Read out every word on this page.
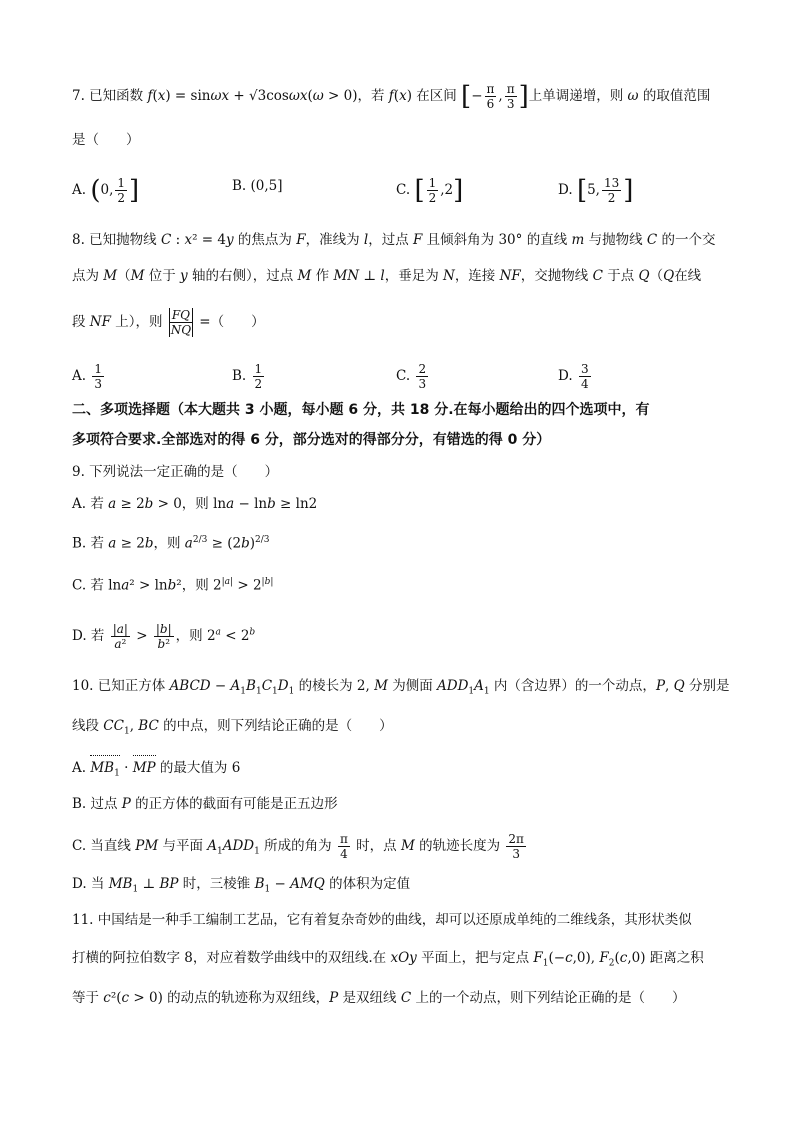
7. 已知函数 f(x) = sinωx + √3cosωx(ω > 0)，若 f(x) 在区间 [− $\frac{\pi}{6}$ , $\frac{\pi}{3}$ ]上单调递增，则 ω 的取值范围
是（　　）
A. (0, $\frac{1}{2}$ ]	B. (0,5]	C. [ $\frac{1}{2} ,2$]	D. [5, $\frac{13}{2}$ ]
8. 已知抛物线 C : x² = 4y 的焦点为 F，准线为 l，过点 F 且倾斜角为 30° 的直线 m 与抛物线 C 的一个交
点为 M（M 位于 y 轴的右侧），过点 M 作 MN ⊥ l，垂足为 N，连接 NF，交抛物线 C 于点 Q（Q在线
段 NF 上），则 $\frac{FQ}{NQ}$ =（　　）
A. $\frac{1}{3}$	B. $\frac{1}{2}$	C. $\frac{2}{3}$	D. $\frac{3}{4}$
二、多项选择题（本大题共 3 小题，每小题 6 分，共 18 分.在每小题给出的四个选项中，有
多项符合要求.全部选对的得 6 分，部分选对的得部分分，有错选的得 0 分）
9. 下列说法一定正确的是（　　）
A. 若 a ≥ 2b > 0，则 lna − lnb ≥ ln2
B. 若 a ≥ 2b，则 $a^{2/3} \ge (2b)^{2/3}$
C. 若 lna² > lnb²，则 $2^{|a|} > 2^{|b|}$
D. 若 $\frac{|a|}{\text{a²}} > \frac{|b|}{\text{b²}}$ ，则 $2^a < 2^b$
10. 已知正方体 ABCD − $A_1B_1C_1D_1$ 的棱长为 2, M 为侧面 $ADD_1A_1$ 内（含边界）的一个动点，P, Q 分别是
线段 $CC_1$, BC 的中点，则下列结论正确的是（　　）
A. $MB_1$ · MP 的最大值为 6
B. 过点 P 的正方体的截面有可能是正五边形
C. 当直线 PM 与平面 $A_1ADD_1$ 所成的角为 $\frac{\pi}{4}$ 时，点 M 的轨迹长度为 $\frac{2\pi}{3}$
D. 当 $MB_1$ ⊥ BP 时，三棱锥 $B_1$ − AMQ 的体积为定值
11. 中国结是一种手工编制工艺品，它有着复杂奇妙的曲线，却可以还原成单纯的二维线条，其形状类似
打横的阿拉伯数字 8，对应着数学曲线中的双纽线.在 xOy 平面上，把与定点 $F_1(-c,0)$, $F_2(c,0)$ 距离之积
等于 c²(c > 0) 的动点的轨迹称为双纽线，P 是双纽线 C 上的一个动点，则下列结论正确的是（　　）
